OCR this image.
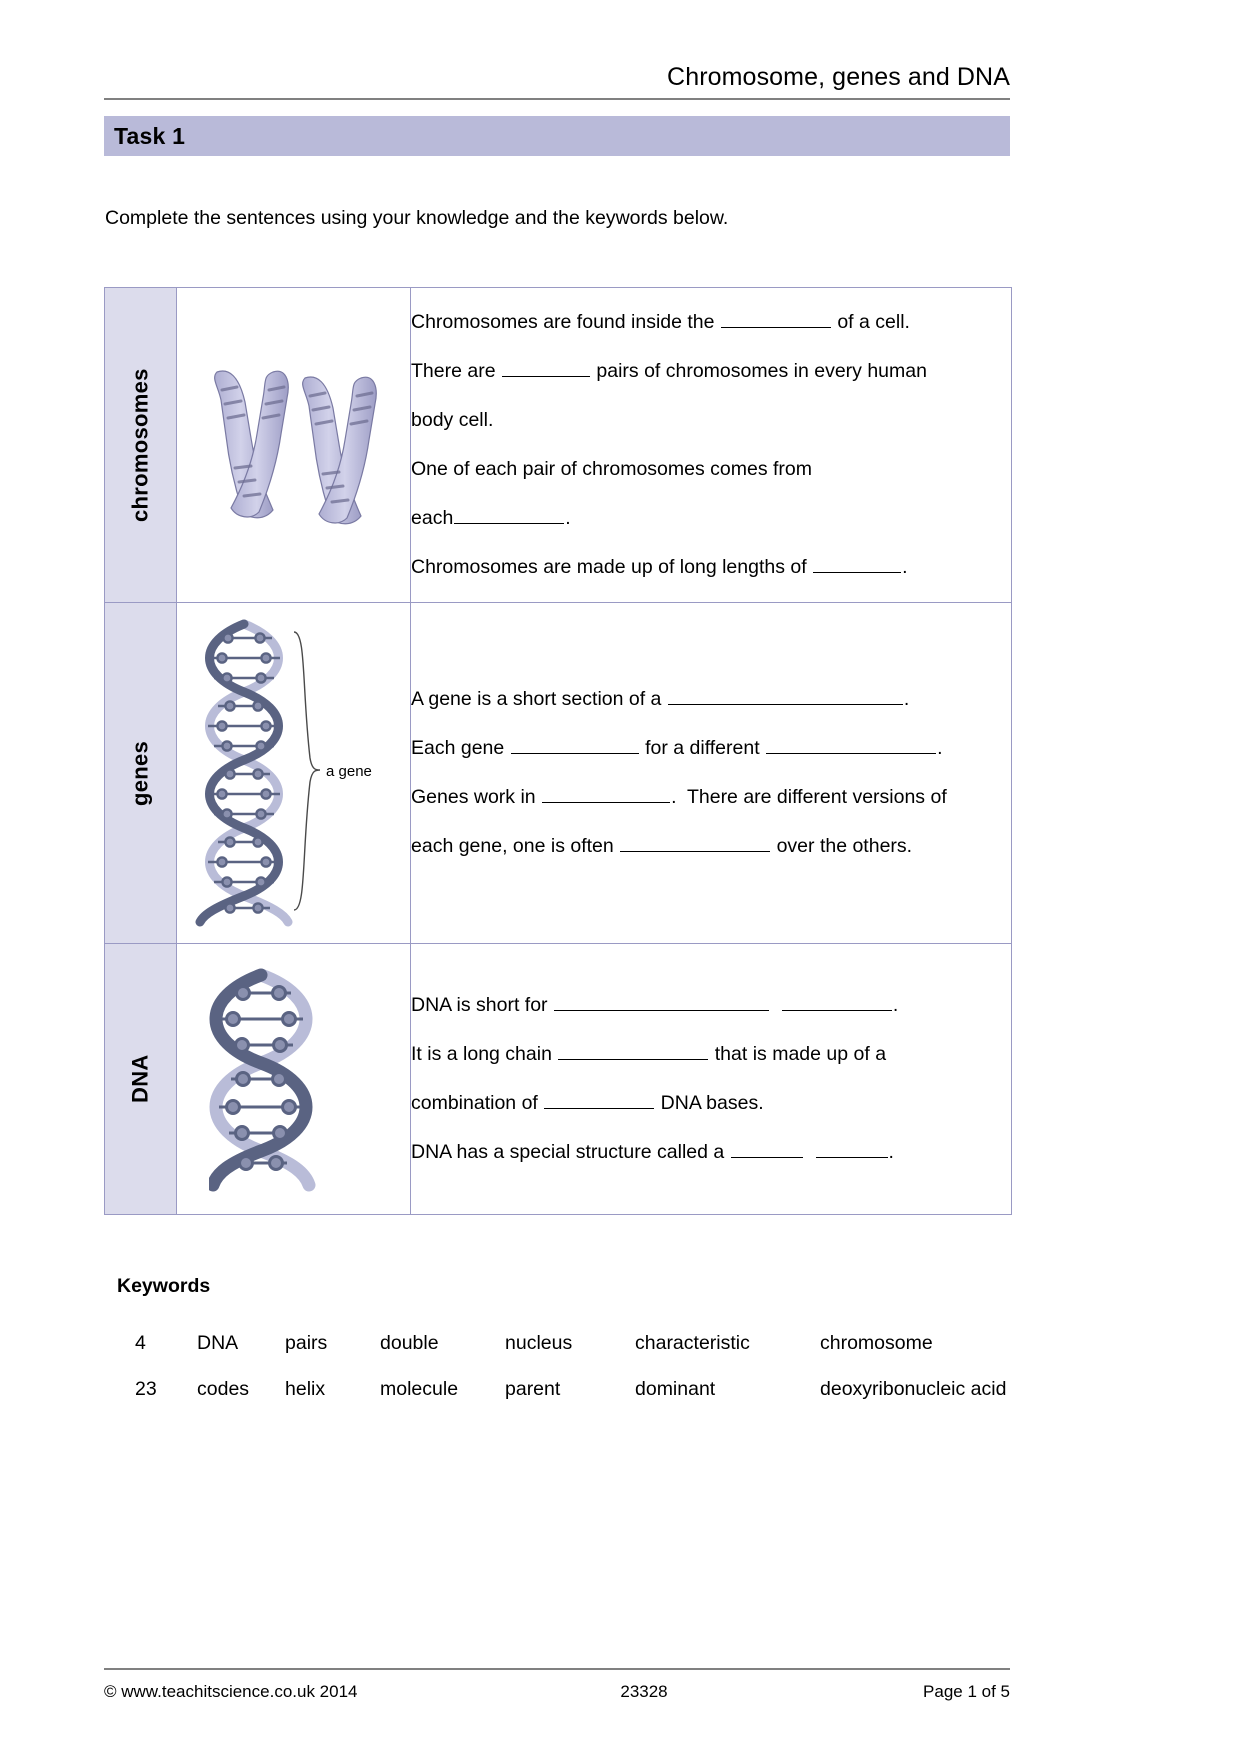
Chromosome, genes and DNA
Task 1
Complete the sentences using your knowledge and the keywords below.
chromosomes

Chromosomes are found inside the	of a cell.
There are	pairs of chromosomes in every human
body cell.
One of each pair of chromosomes comes from
each	.
Chromosomes are made up of long lengths of	.

genes	a gene	A gene is a short section of a .
Each gene for a different .
Genes work in .  There are different versions of
each gene, one is often over the others.

DNA		DNA is short for .
It is a long chain that is made up of a
combination of DNA bases.
DNA has a special structure called a .
Keywords
4	DNA	pairs	double	nucleus	characteristic	chromosome
23	codes	helix	molecule	parent	dominant	deoxyribonucleic acid
© www.teachitscience.co.uk 2014	23328	Page 1 of 5
